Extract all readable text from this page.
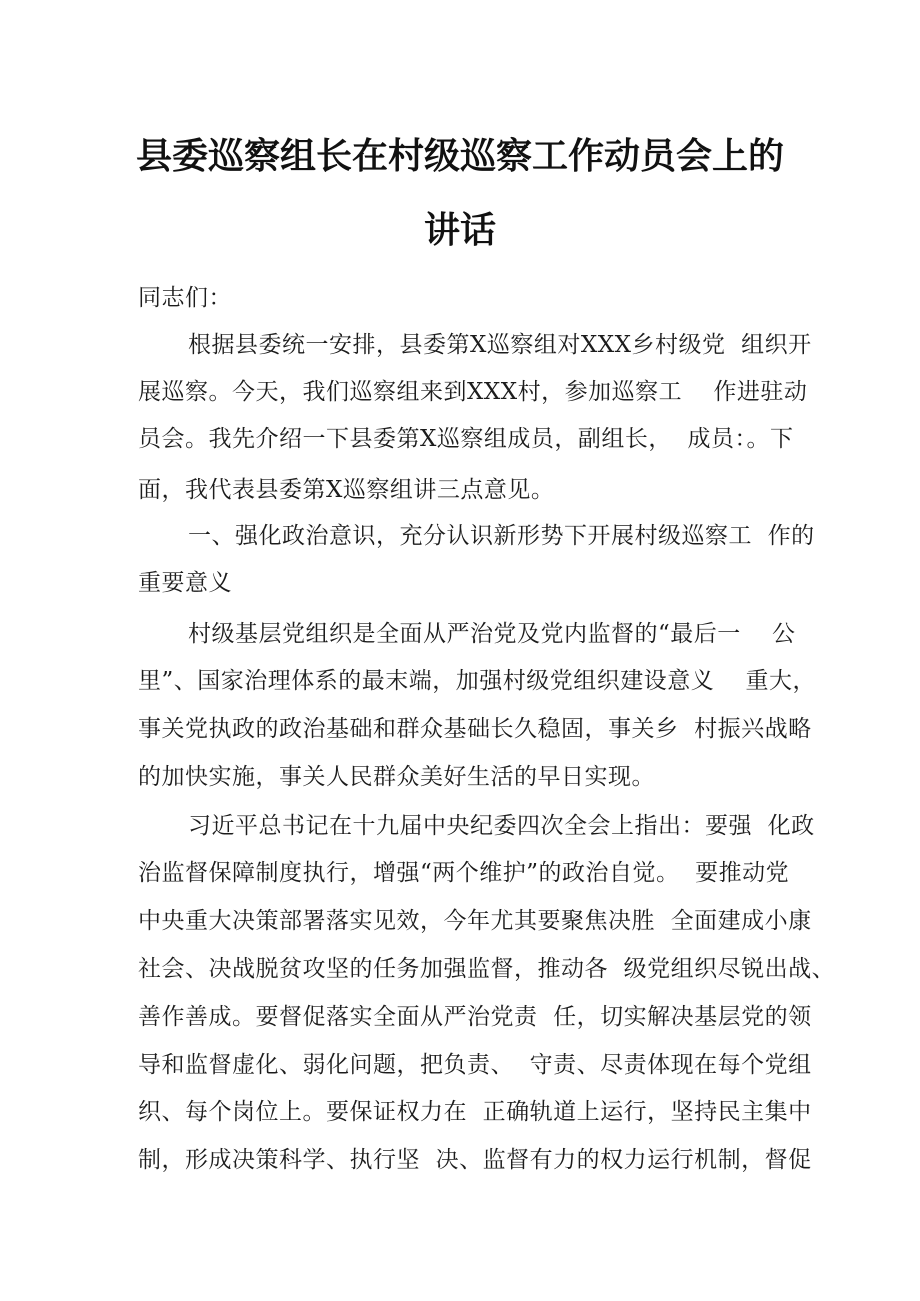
县委巡察组长在村级巡察工作动员会上的
讲话
同志们：
根据县委统一安排，县委第X巡察组对XXX乡村级党  组织开
展巡察。今天，我们巡察组来到XXX村，参加巡察工    作进驻动
员会。我先介绍一下县委第X巡察组成员，副组长，  成员：。下
面，我代表县委第X巡察组讲三点意见。
一、强化政治意识，充分认识新形势下开展村级巡察工  作的
重要意义
村级基层党组织是全面从严治党及党内监督的“最后一    公
里”、国家治理体系的最末端，加强村级党组织建设意义    重大，
事关党执政的政治基础和群众基础长久稳固，事关乡  村振兴战略
的加快实施，事关人民群众美好生活的早日实现。
习近平总书记在十九届中央纪委四次全会上指出：要强  化政
治监督保障制度执行，增强“两个维护”的政治自觉。  要推动党
中央重大决策部署落实见效，今年尤其要聚焦决胜  全面建成小康
社会、决战脱贫攻坚的任务加强监督，推动各  级党组织尽锐出战、
善作善成。要督促落实全面从严治党责  任，切实解决基层党的领
导和监督虚化、弱化问题，把负责、  守责、尽责体现在每个党组
织、每个岗位上。要保证权力在  正确轨道上运行，坚持民主集中
制，形成决策科学、执行坚  决、监督有力的权力运行机制，督促
